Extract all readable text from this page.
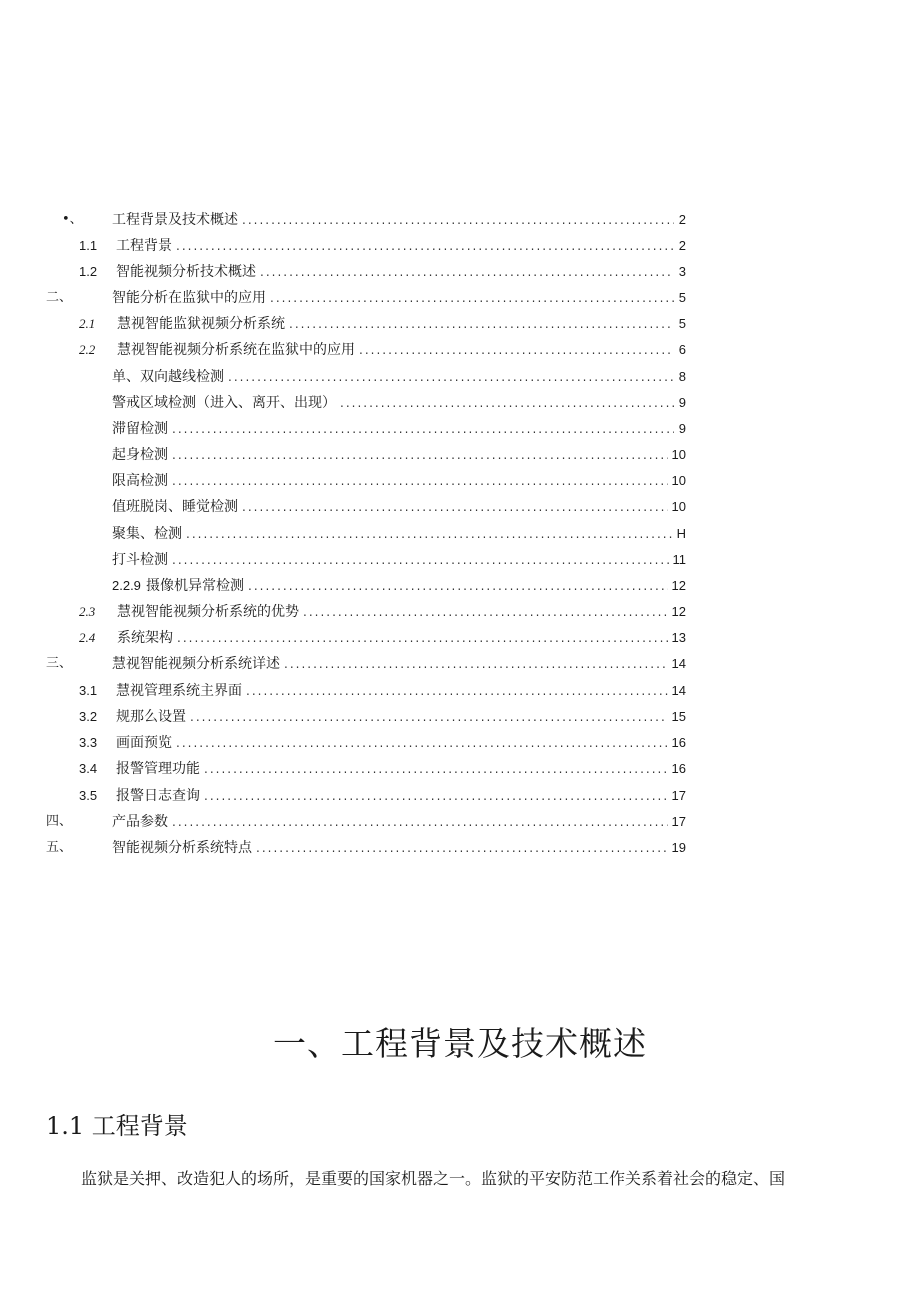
•、 工程背景及技术概述 .....	2
1.1 工程背景 .....	2
1.2 智能视频分析技术概述 .....	3
二、	智能分析在监狱中的应用 .....	5
2.1 慧视智能监狱视频分析系统 .....	5
2.2 慧视智能视频分析系统在监狱中的应用 .....	6
单、双向越线检测 .....	8
警戒区域检测（进入、离开、出现） .....	9
滞留检测 .....	9
起身检测 .....	10
限高检测 .....	10
值班脱岗、睡觉检测 .....	10
聚集、检测 .....	H
打斗检测 .....	11
2.2.9 摄像机异常检测 .....	12
2.3 慧视智能视频分析系统的优势 .....	12
2.4 系统架构 .....	13
三、	慧视智能视频分析系统详述 .....	14
3.1 慧视管理系统主界面 .....	14
3.2 规那么设置 .....	15
3.3 画面预览 .....	16
3.4 报警管理功能 .....	16
3.5 报警日志查询 .....	17
四、	产品参数 .....	17
五、	智能视频分析系统特点 .....	19
一、工程背景及技术概述
1.1 工程背景
监狱是关押、改造犯人的场所，是重要的国家机器之一。监狱的平安防范工作关系着社会的稳定、国
